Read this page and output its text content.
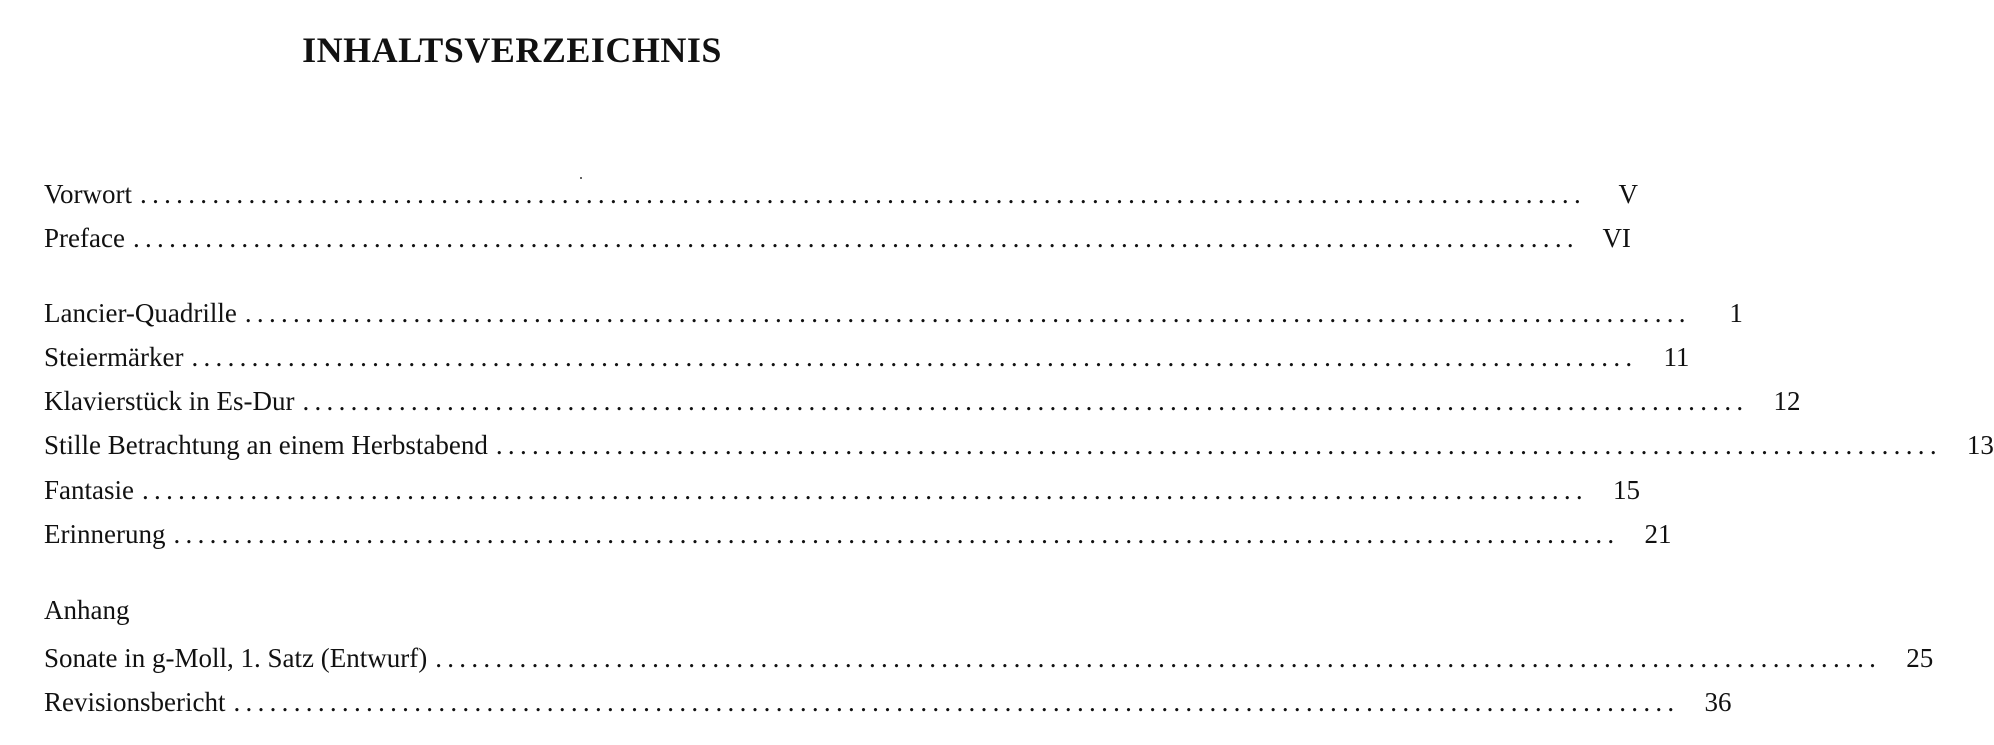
INHALTSVERZEICHNIS
Vorwort ........................................................................................................................	V
Preface ........................................................................................................................ VI
Lancier-Quadrille ........................................................................................................................	1
Steiermärker ........................................................................................................................ 11
Klavierstück in Es-Dur ........................................................................................................................ 12
Stille Betrachtung an einem Herbstabend ........................................................................................................................ 13
Fantasie ........................................................................................................................ 15
Erinnerung ........................................................................................................................ 21
Anhang
Sonate in g-Moll, 1. Satz (Entwurf) ........................................................................................................................ 25
Revisionsbericht ........................................................................................................................ 36
